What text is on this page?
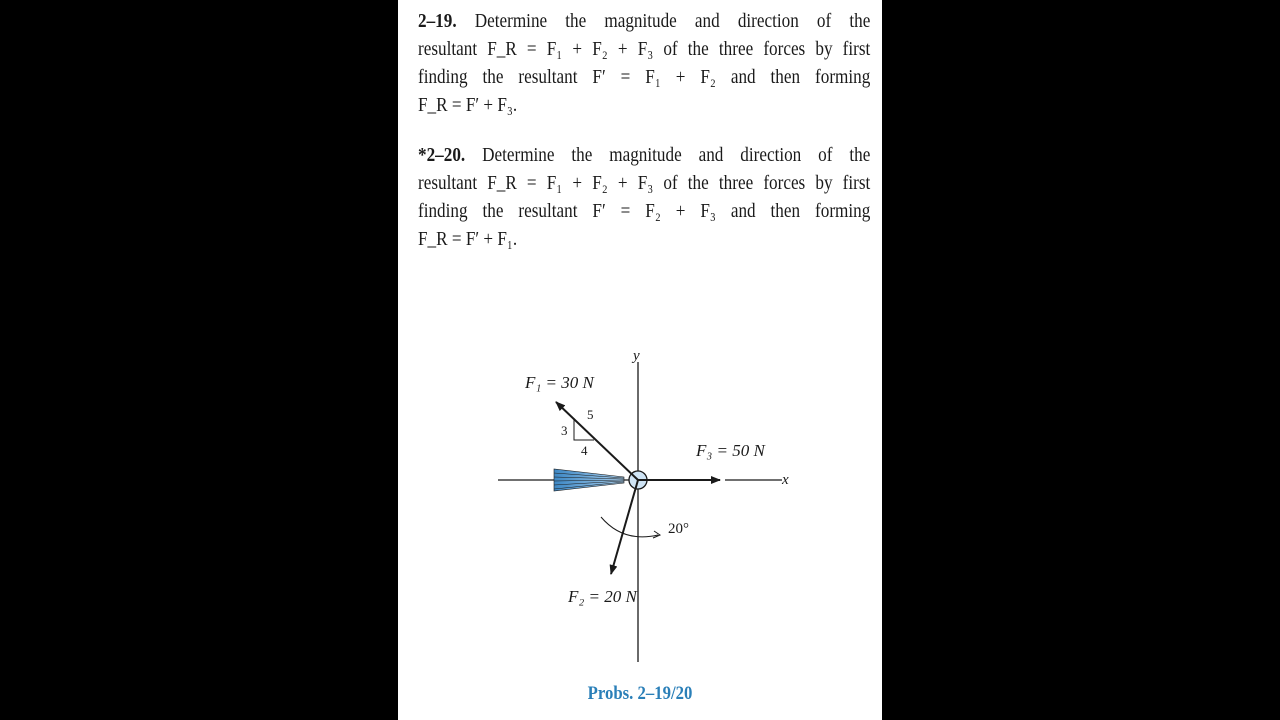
2–19. Determine the magnitude and direction of the
resultant F_R = F₁ + F₂ + F₃ of the three forces by first
finding the resultant F′ = F₁ + F₂ and then forming
F_R = F′ + F₃.
*2–20. Determine the magnitude and direction of the
resultant F_R = F₁ + F₂ + F₃ of the three forces by first
finding the resultant F′ = F₂ + F₃ and then forming
F_R = F′ + F₁.
y
x
F₃ = 50 N
F₁ = 30 N
5
3
4
F₂ = 20 N
20°
Probs. 2–19/20
